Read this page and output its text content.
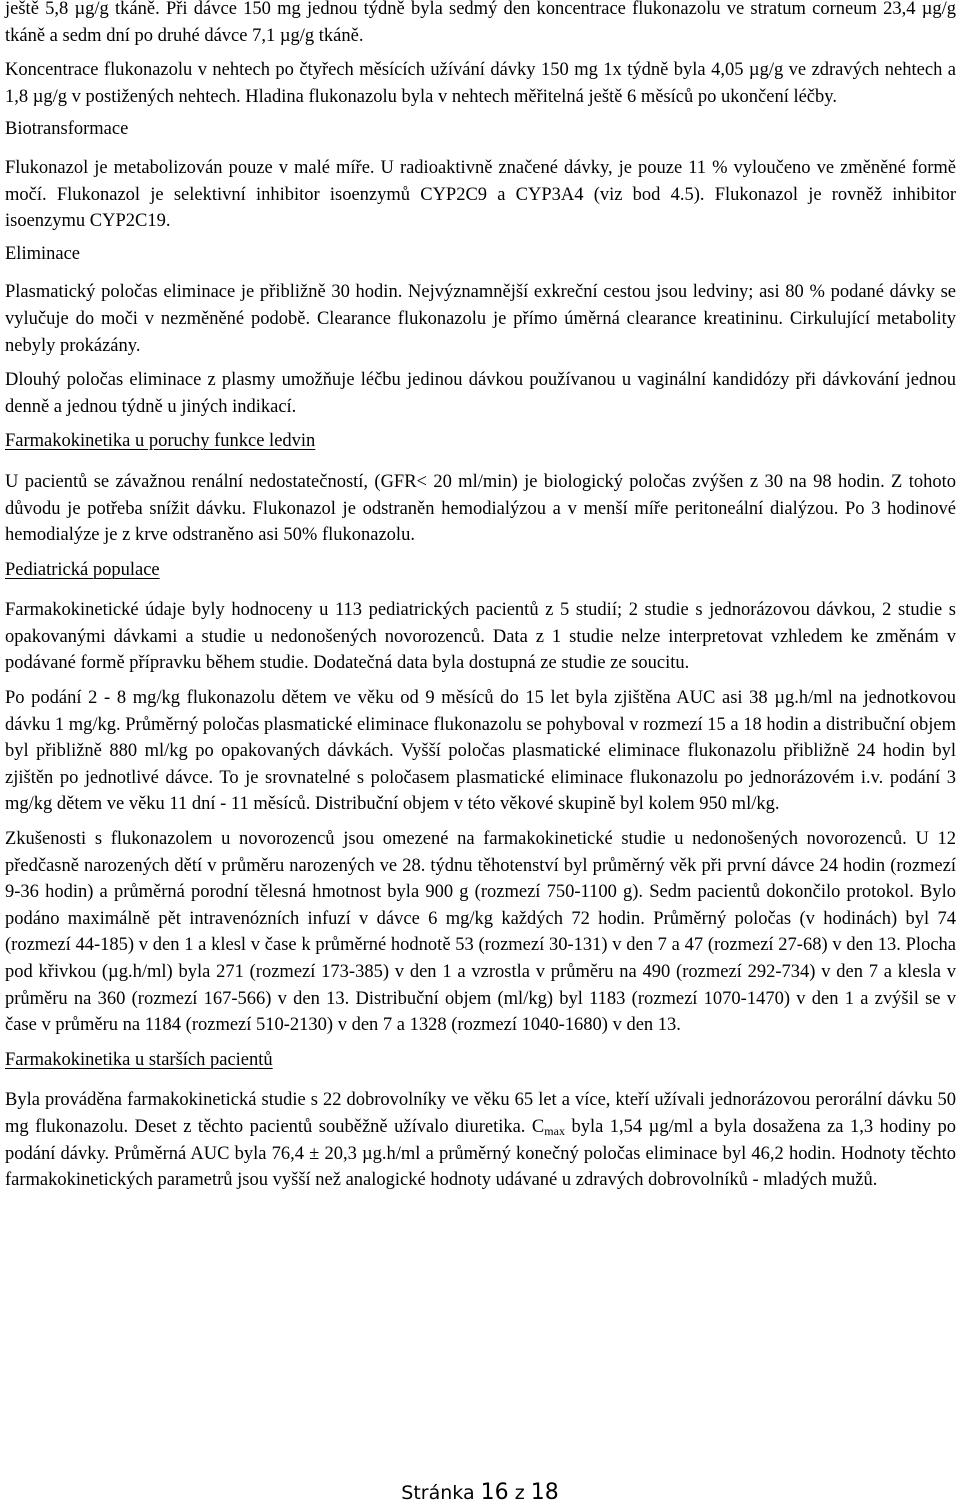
ještě 5,8 µg/g tkáně. Při dávce 150 mg jednou týdně byla sedmý den koncentrace flukonazolu ve stratum corneum 23,4 µg/g tkáně a sedm dní po druhé dávce 7,1 µg/g tkáně.

Koncentrace flukonazolu v nehtech po čtyřech měsících užívání dávky 150 mg 1x týdně byla 4,05 µg/g ve zdravých nehtech a 1,8 µg/g v postižených nehtech. Hladina flukonazolu byla v nehtech měřitelná ještě 6 měsíců po ukončení léčby.

Biotransformace

Flukonazol je metabolizován pouze v malé míře. U radioaktivně značené dávky, je pouze 11 % vyloučeno ve změněné formě močí. Flukonazol je selektivní inhibitor isoenzymů CYP2C9 a CYP3A4 (viz bod 4.5). Flukonazol je rovněž inhibitor isoenzymu CYP2C19.

Eliminace

Plasmatický poločas eliminace je přibližně 30 hodin. Nejvýznamnější exkreční cestou jsou ledviny; asi 80 % podané dávky se vylučuje do moči v nezměněné podobě. Clearance flukonazolu je přímo úměrná clearance kreatininu. Cirkulující metabolity nebyly prokázány.

Dlouhý poločas eliminace z plasmy umožňuje léčbu jedinou dávkou používanou u vaginální kandidózy při dávkování jednou denně a jednou týdně u jiných indikací.

Farmakokinetika u poruchy funkce ledvin

U pacientů se závažnou renální nedostatečností, (GFR< 20 ml/min) je biologický poločas zvýšen z 30 na 98 hodin. Z tohoto důvodu je potřeba snížit dávku. Flukonazol je odstraněn hemodialýzou a v menší míře peritoneální dialýzou. Po 3 hodinové hemodialýze je z krve odstraněno asi 50% flukonazolu.

Pediatrická populace

Farmakokinetické údaje byly hodnoceny u 113 pediatrických pacientů z 5 studií; 2 studie s jednorázovou dávkou, 2 studie s opakovanými dávkami a studie u nedonošených novorozenců. Data z 1 studie nelze interpretovat vzhledem ke změnám v podávané formě přípravku během studie. Dodatečná data byla dostupná ze studie ze soucitu.

Po podání 2 - 8 mg/kg flukonazolu dětem ve věku od 9 měsíců do 15 let byla zjištěna AUC asi 38 µg.h/ml na jednotkovou dávku 1 mg/kg. Průměrný poločas plasmatické eliminace flukonazolu se pohyboval v rozmezí 15 a 18 hodin a distribuční objem byl přibližně 880 ml/kg po opakovaných dávkách. Vyšší poločas plasmatické eliminace flukonazolu přibližně 24 hodin byl zjištěn po jednotlivé dávce. To je srovnatelné s poločasem plasmatické eliminace flukonazolu po jednorázovém i.v. podání 3 mg/kg dětem ve věku 11 dní - 11 měsíců. Distribuční objem v této věkové skupině byl kolem 950 ml/kg.

Zkušenosti s flukonazolem u novorozenců jsou omezené na farmakokinetické studie u nedonošených novorozenců. U 12 předčasně narozených dětí v průměru narozených ve 28. týdnu těhotenství byl průměrný věk při první dávce 24 hodin (rozmezí 9-36 hodin) a průměrná porodní tělesná hmotnost byla 900 g (rozmezí 750-1100 g). Sedm pacientů dokončilo protokol. Bylo podáno maximálně pět intravenózních infuzí v dávce 6 mg/kg každých 72 hodin. Průměrný poločas (v hodinách) byl 74 (rozmezí 44-185) v den 1 a klesl v čase k průměrné hodnotě 53 (rozmezí 30-131) v den 7 a 47 (rozmezí 27-68) v den 13. Plocha pod křivkou (µg.h/ml) byla 271 (rozmezí 173-385) v den 1 a vzrostla v průměru na 490 (rozmezí 292-734) v den 7 a klesla v průměru na 360 (rozmezí 167-566) v den 13. Distribuční objem (ml/kg) byl 1183 (rozmezí 1070-1470) v den 1 a zvýšil se v čase v průměru na 1184 (rozmezí 510-2130) v den 7 a 1328 (rozmezí 1040-1680) v den 13.

Farmakokinetika u starších pacientů

Byla prováděna farmakokinetická studie s 22 dobrovolníky ve věku 65 let a více, kteří užívali jednorázovou perorální dávku 50 mg flukonazolu. Deset z těchto pacientů souběžně užívalo diuretika. $C_{max}$ byla 1,54 µg/ml a byla dosažena za 1,3 hodiny po podání dávky. Průměrná AUC byla 76,4 ± 20,3 µg.h/ml a průměrný konečný poločas eliminace byl 46,2 hodin. Hodnoty těchto farmakokinetických parametrů jsou vyšší než analogické hodnoty udávané u zdravých dobrovolníků - mladých mužů.

Stránka 16 z 18
